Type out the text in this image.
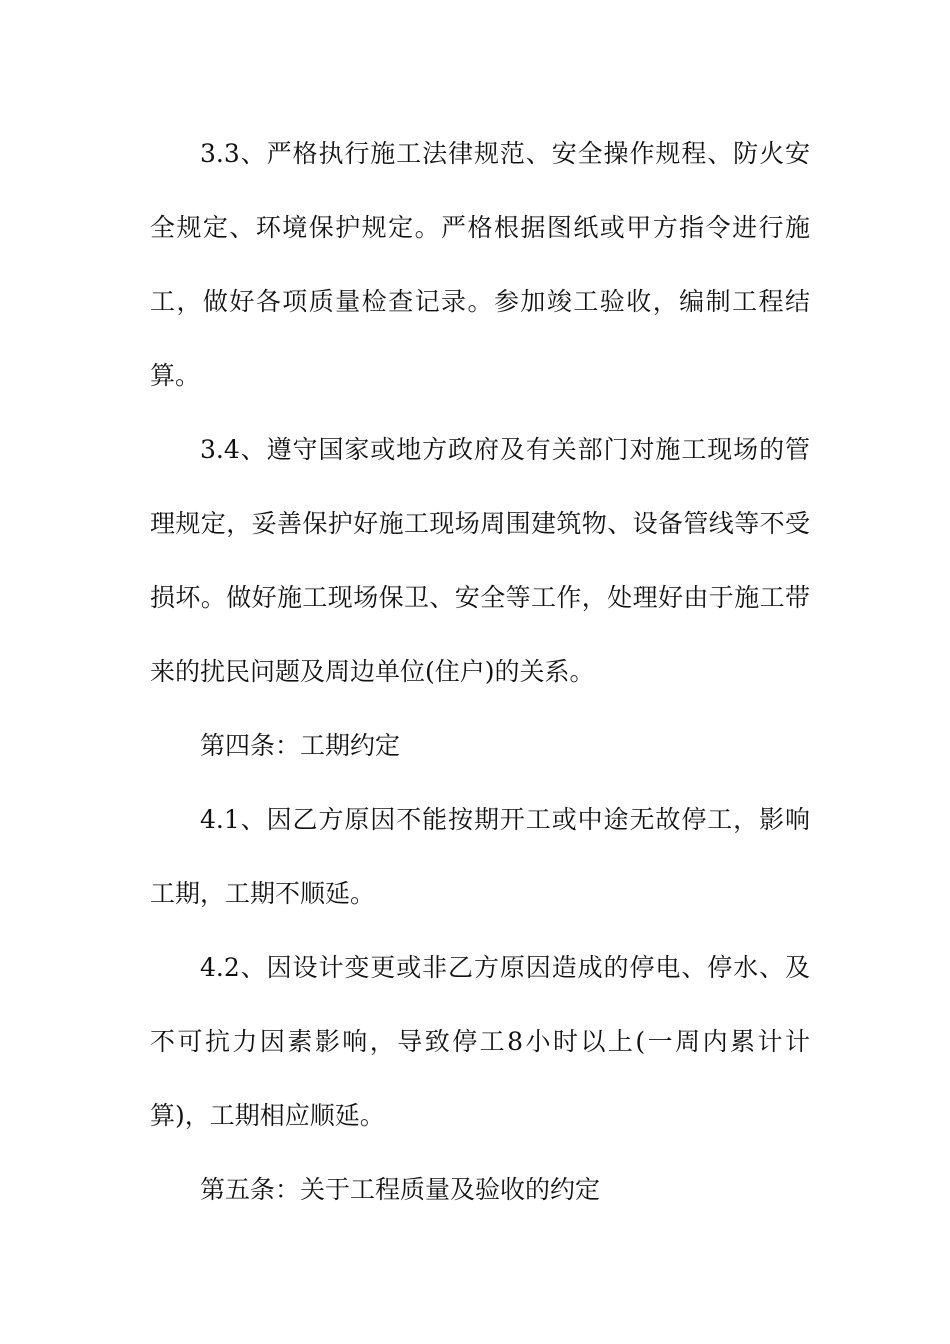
3.3、严格执行施工法律规范、安全操作规程、防火安全规定、环境保护规定。严格根据图纸或甲方指令进行施工，做好各项质量检查记录。参加竣工验收，编制工程结算。

3.4、遵守国家或地方政府及有关部门对施工现场的管理规定，妥善保护好施工现场周围建筑物、设备管线等不受损坏。做好施工现场保卫、安全等工作，处理好由于施工带来的扰民问题及周边单位(住户)的关系。

第四条：工期约定

4.1、因乙方原因不能按期开工或中途无故停工，影响工期，工期不顺延。

4.2、因设计变更或非乙方原因造成的停电、停水、及不可抗力因素影响，导致停工8小时以上(一周内累计计算)，工期相应顺延。

第五条：关于工程质量及验收的约定
